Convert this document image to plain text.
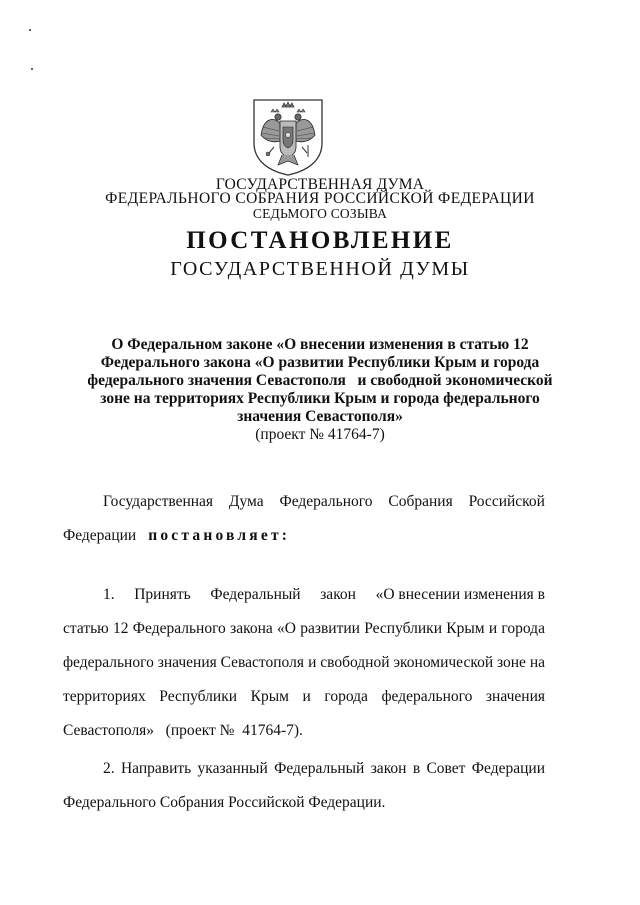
ГОСУДАРСТВЕННАЯ ДУМА
ФЕДЕРАЛЬНОГО СОБРАНИЯ РОССИЙСКОЙ ФЕДЕРАЦИИ
СЕДЬМОГО СОЗЫВА
ПОСТАНОВЛЕНИЕ
ГОСУДАРСТВЕННОЙ ДУМЫ
О Федеральном законе «О внесении изменения в статью 12
Федерального закона «О развитии Республики Крым и города
федерального значения Севастополя   и свободной экономической
зоне на территориях Республики Крым и города федерального
значения Севастополя»
(проект № 41764-7)
Государственная Дума Федерального Собрания Российской
Федерации постановляет:
1. Принять Федеральный закон «О внесении изменения в
статью 12 Федерального закона «О развитии Республики Крым и города
федерального значения Севастополя и свободной экономической зоне на
территориях Республики Крым и города федерального значения
Севастополя»   (проект №  41764-7).
2. Направить указанный Федеральный закон в Совет Федерации
Федерального Собрания Российской Федерации.
